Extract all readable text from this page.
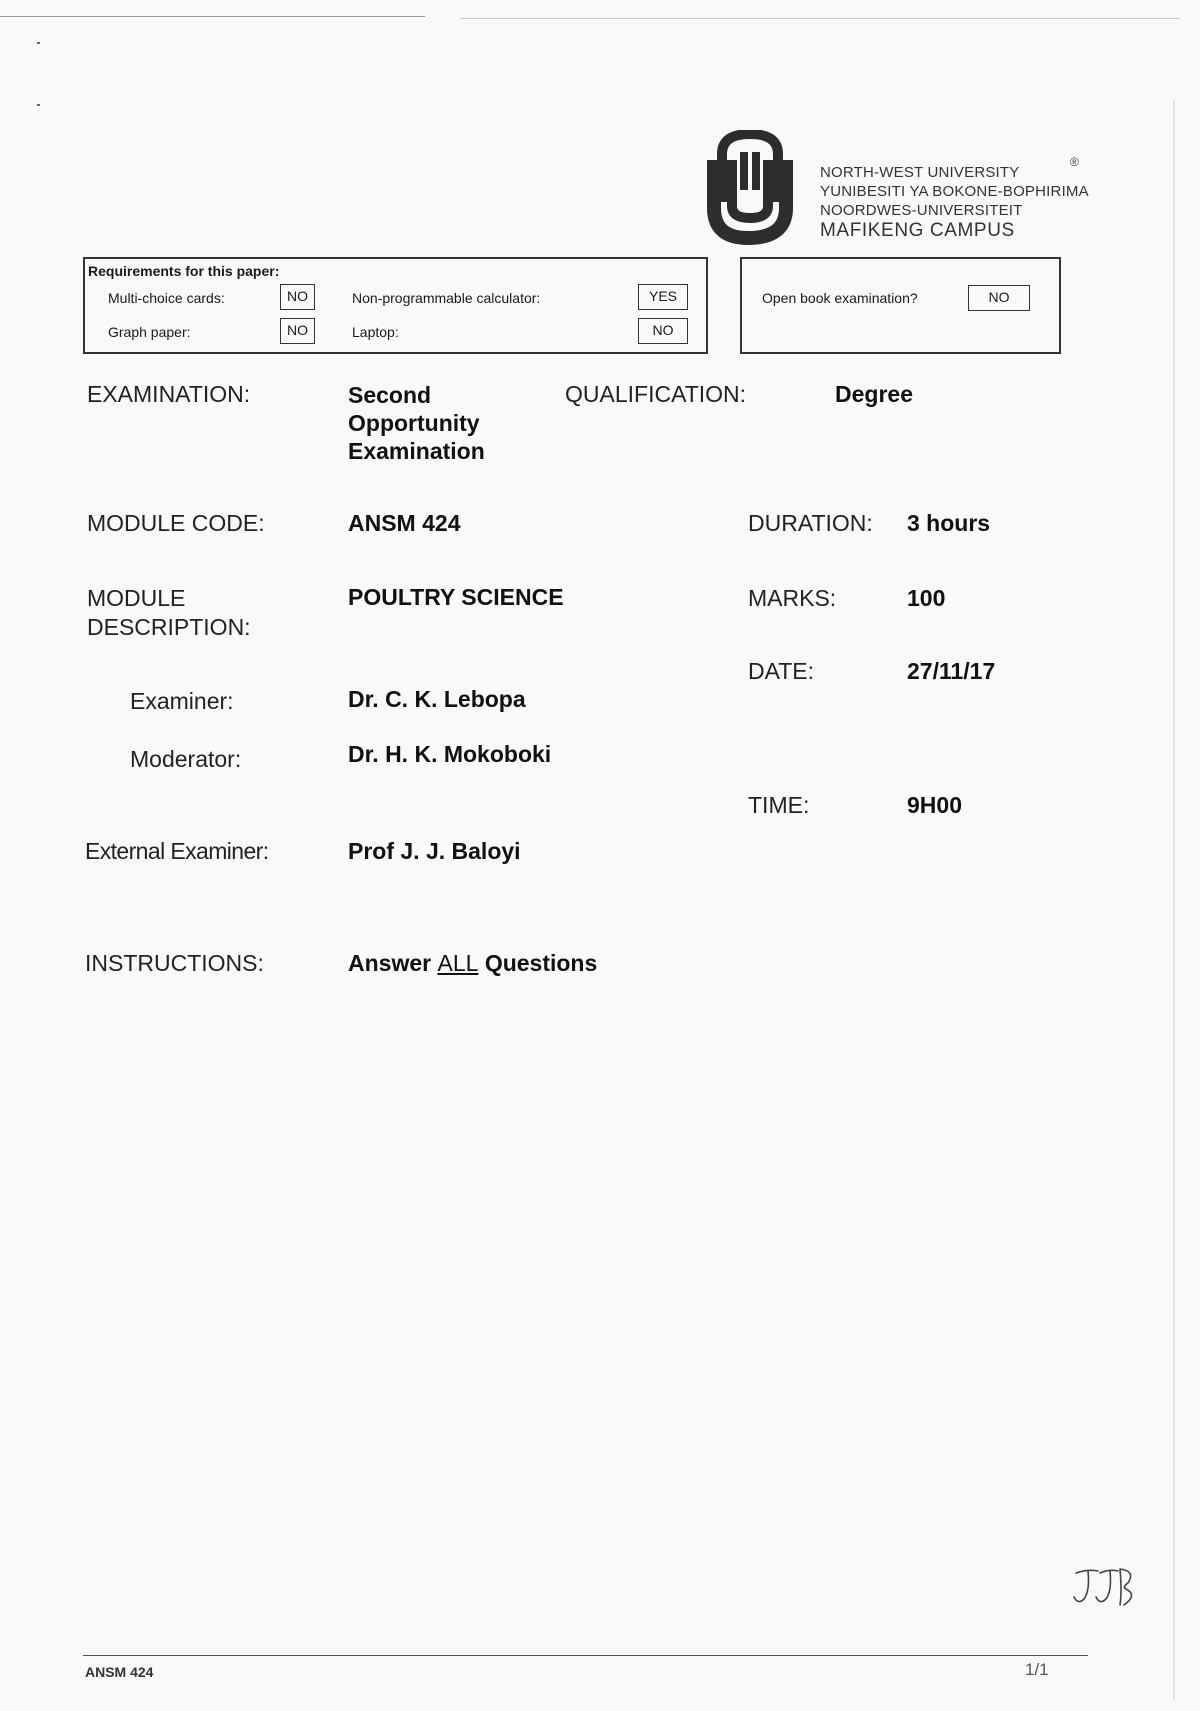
NORTH-WEST UNIVERSITY
YUNIBESITI YA BOKONE-BOPHIRIMA
NOORDWES-UNIVERSITEIT
MAFIKENG CAMPUS
®
Requirements for this paper:
Multi-choice cards:	NO	Non-programmable calculator:	YES
Graph paper:	NO	Laptop:	NO
Open book examination?	NO
EXAMINATION:	Second
Opportunity
Examination
QUALIFICATION:	Degree
MODULE CODE:	ANSM 424	DURATION: 3 hours
MODULE
DESCRIPTION:
POULTRY SCIENCE	MARKS:	100
DATE:	27/11/17
Examiner:	Dr. C. K. Lebopa
Moderator:	Dr. H. K. Mokoboki
TIME:	9H00
External Examiner:	Prof J. J. Baloyi
INSTRUCTIONS:	Answer ALL Questions
ANSM 424	1/1
